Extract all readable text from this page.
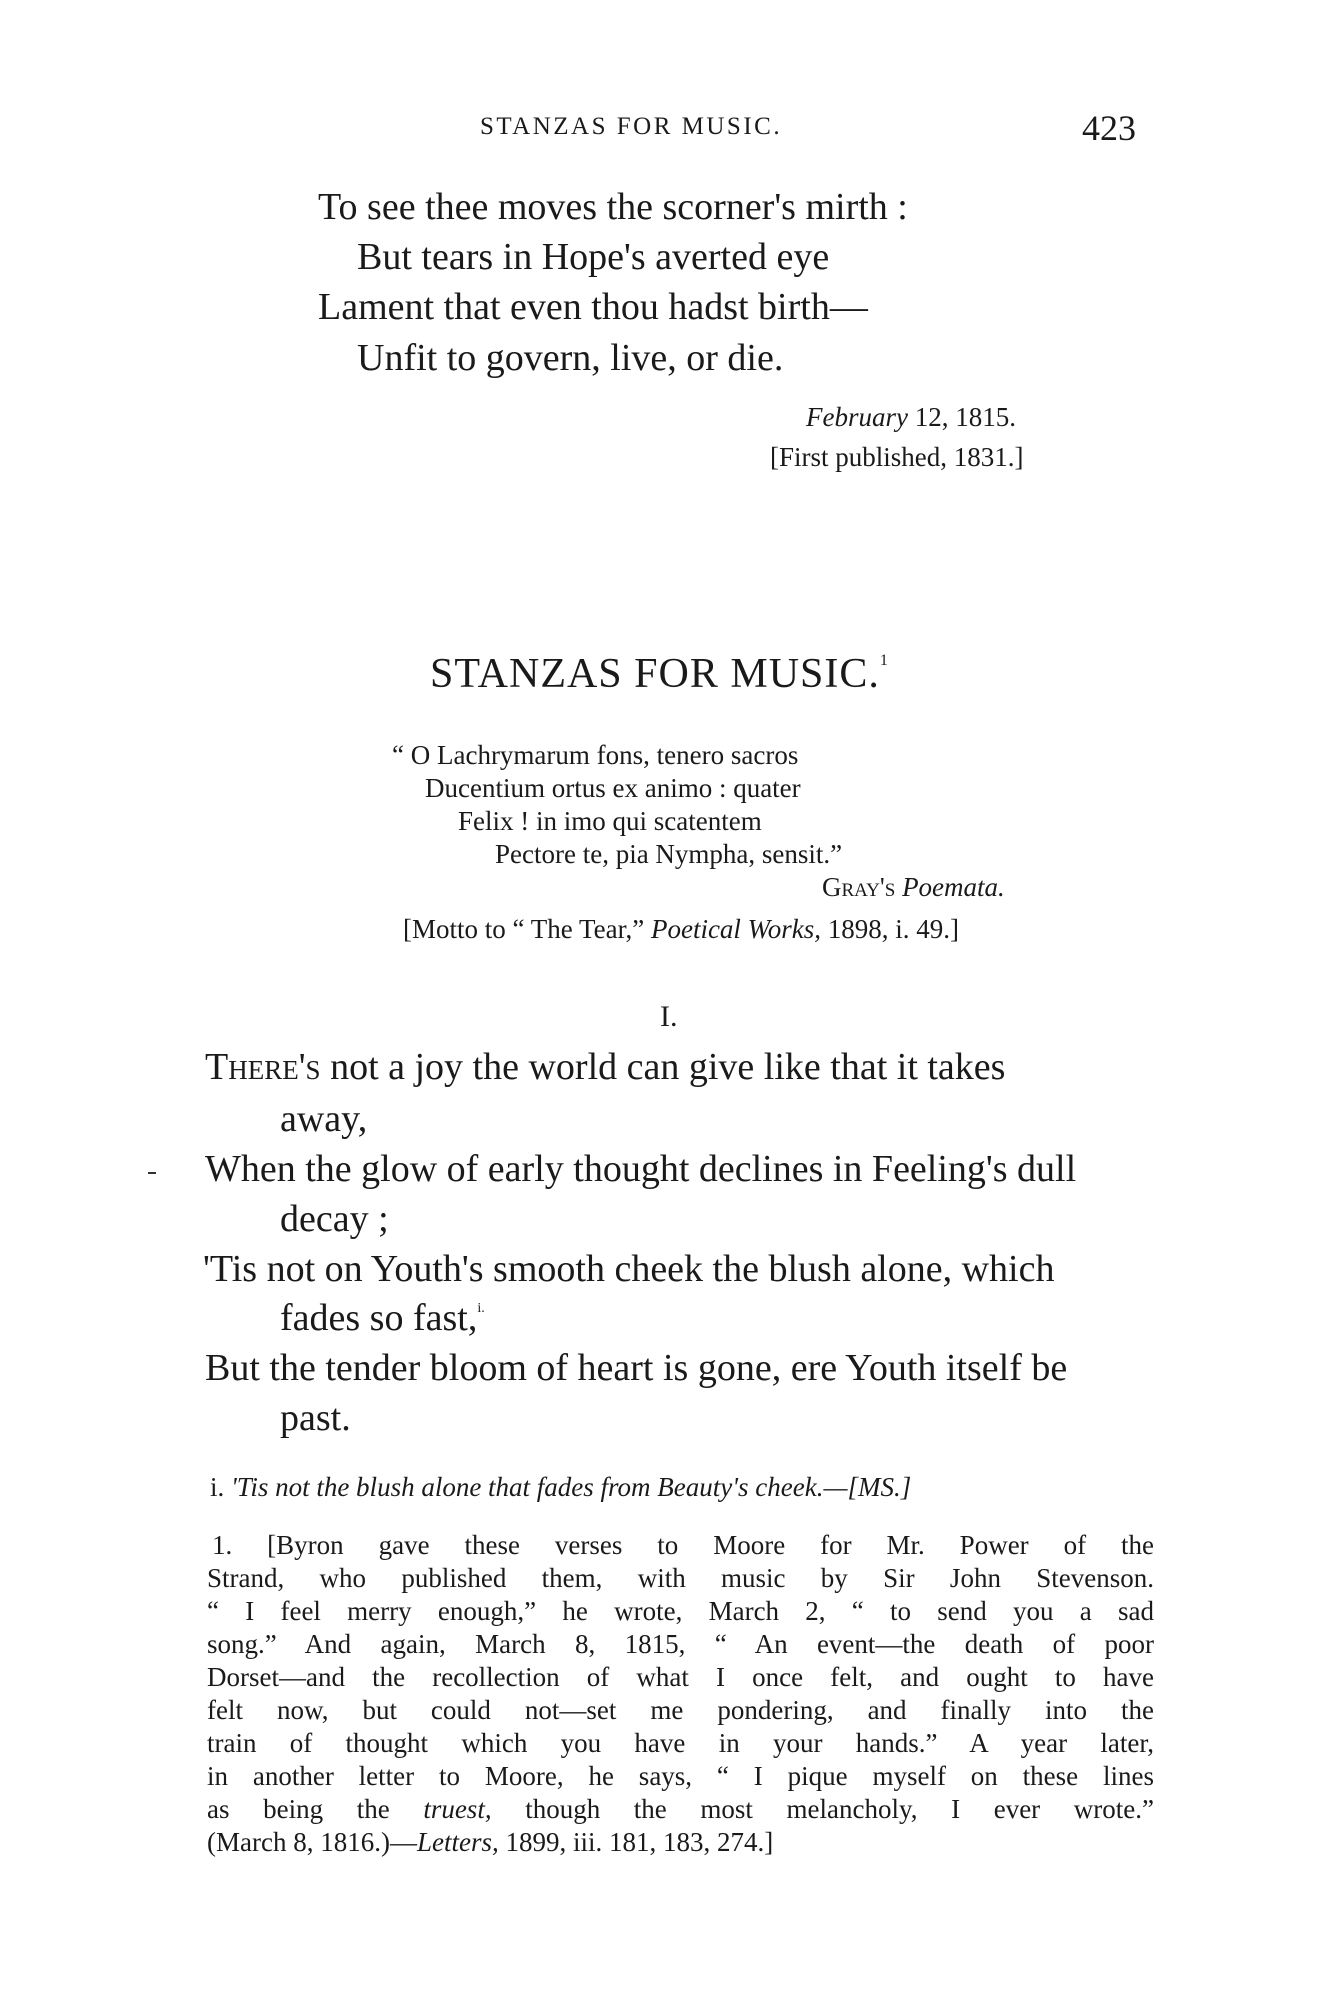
STANZAS FOR MUSIC.	423
To see thee moves the scorner's mirth :
But tears in Hope's averted eye
Lament that even thou hadst birth—
Unfit to govern, live, or die.
February 12, 1815.
[First published, 1831.]
STANZAS FOR MUSIC.$^1$
“ O Lachrymarum fons, tenero sacros
Ducentium ortus ex animo : quater
Felix ! in imo qui scatentem
Pectore te, pia Nympha, sensit.”
Gray's Poemata.
[Motto to “ The Tear,” Poetical Works, 1898, i. 49.]
I.
There's not a joy the world can give like that it takes
away,
When the glow of early thought declines in Feeling's dull
decay ;
'Tis not on Youth's smooth cheek the blush alone, which
fades so fast,$^{i.}$
But the tender bloom of heart is gone, ere Youth itself be
past.
i. 'Tis not the blush alone that fades from Beauty's cheek.—[MS.]
1. [Byron gave these verses to Moore for Mr. Power of the
Strand, who published them, with music by Sir John Stevenson.
“ I feel merry enough,” he wrote, March 2, “ to send you a sad
song.” And again, March 8, 1815, “ An event—the death of poor
Dorset—and the recollection of what I once felt, and ought to have
felt now, but could not—set me pondering, and finally into the
train of thought which you have in your hands.” A year later,
in another letter to Moore, he says, “ I pique myself on these lines
as being the truest, though the most melancholy, I ever wrote.”
(March 8, 1816.)—Letters, 1899, iii. 181, 183, 274.]
